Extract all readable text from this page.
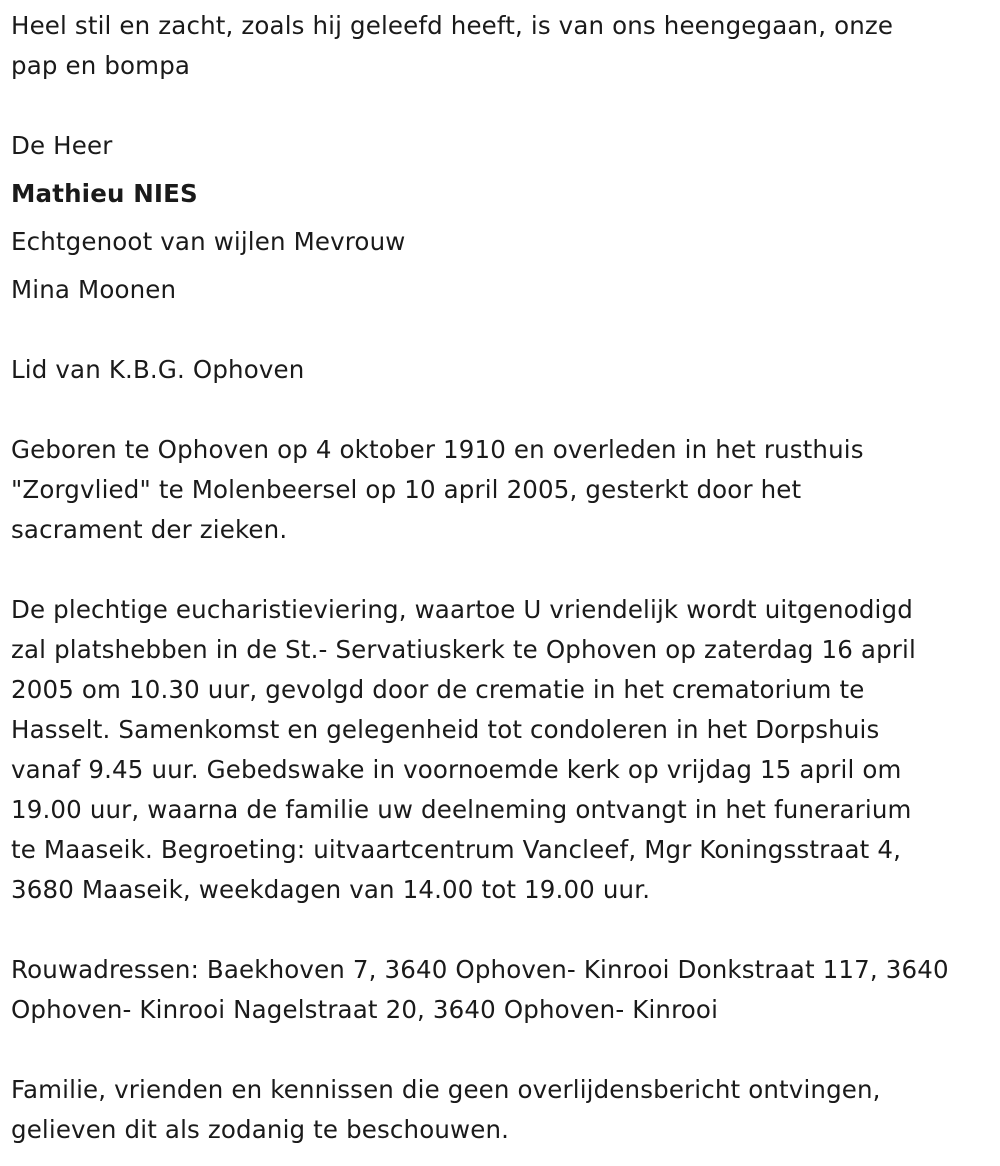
Heel stil en zacht, zoals hij geleefd heeft, is van ons heengegaan, onze
pap en bompa
De Heer
Mathieu NIES
Echtgenoot van wijlen Mevrouw
Mina Moonen
Lid van K.B.G. Ophoven
Geboren te Ophoven op 4 oktober 1910 en overleden in het rusthuis
"Zorgvlied" te Molenbeersel op 10 april 2005, gesterkt door het
sacrament der zieken.
De plechtige eucharistieviering, waartoe U vriendelijk wordt uitgenodigd
zal platshebben in de St.- Servatiuskerk te Ophoven op zaterdag 16 april
2005 om 10.30 uur, gevolgd door de crematie in het crematorium te
Hasselt. Samenkomst en gelegenheid tot condoleren in het Dorpshuis
vanaf 9.45 uur. Gebedswake in voornoemde kerk op vrijdag 15 april om
19.00 uur, waarna de familie uw deelneming ontvangt in het funerarium
te Maaseik. Begroeting: uitvaartcentrum Vancleef, Mgr Koningsstraat 4,
3680 Maaseik, weekdagen van 14.00 tot 19.00 uur.
Rouwadressen: Baekhoven 7, 3640 Ophoven- Kinrooi Donkstraat 117, 3640
Ophoven- Kinrooi Nagelstraat 20, 3640 Ophoven- Kinrooi
Familie, vrienden en kennissen die geen overlijdensbericht ontvingen,
gelieven dit als zodanig te beschouwen.
